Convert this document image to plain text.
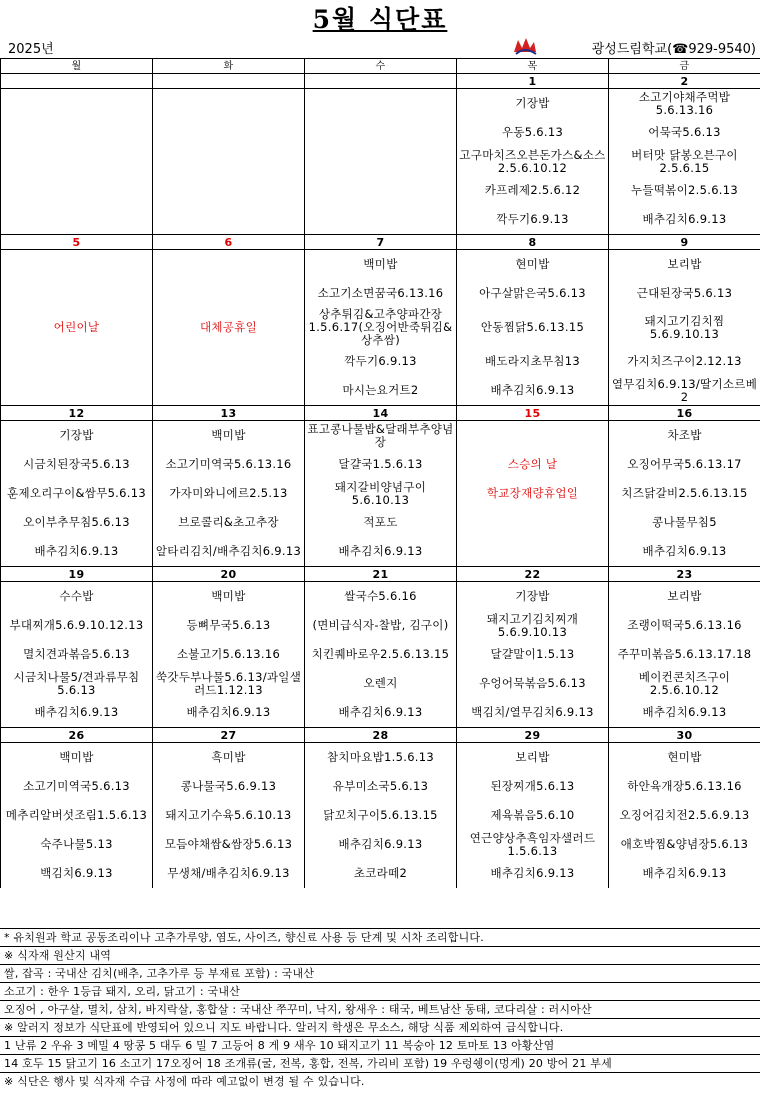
5월 식단표
2025년	광성드림학교(☎929-9540)
월	화	수	목	금
			1	2
			기장밥	소고기야채주먹밥5.6.13.16
			우동5.6.13	어묵국5.6.13
			고구마치즈오븐돈가스&소스2.5.6.10.12	버터맛 닭봉오븐구이2.5.6.15
			카프레제2.5.6.12	누들떡볶이2.5.6.13
			깍두기6.9.13	배추김치6.9.13
5	6	7	8	9
어린이날	대체공휴일	백미밥	현미밥	보리밥
		소고기소면꿈국6.13.16	아구살맑은국5.6.13	근대된장국5.6.13
		상추튀김&고추양파간장1.5.6.17(오징어반죽튀김&상추쌈)	안동찜닭5.6.13.15	돼지고기김치찜5.6.9.10.13
		깍두기6.9.13	배도라지초무침13	가지치즈구이2.12.13
		마시는요거트2	배추김치6.9.13	열무김치6.9.13/딸기소르베2
12	13	14	15	16
기장밥	백미밥	표고콩나물밥&달래부추양념장		차조밥
시금치된장국5.6.13	소고기미역국5.6.13.16	달걀국1.5.6.13	스승의 날	오징어무국5.6.13.17
훈제오리구이&쌈무5.6.13	가자미와니에르2.5.13	돼지갈비양념구이5.6.10.13	학교장재량휴업일	치즈닭갈비2.5.6.13.15
오이부추무침5.6.13	브로콜리&초고추장	적포도		콩나물무침5
배추김치6.9.13	알타리김치/배추김치6.9.13	배추김치6.9.13		배추김치6.9.13
19	20	21	22	23
수수밥	백미밥	쌀국수5.6.16	기장밥	보리밥
부대찌개5.6.9.10.12.13	등뼈무국5.6.13	(면비급식자-찰밥, 김구이)	돼지고기김치찌개5.6.9.10.13	조랭이떡국5.6.13.16
멸치견과볶음5.6.13	소불고기5.6.13.16	치킨퀘바로우2.5.6.13.15	달걀말이1.5.13	주꾸미볶음5.6.13.17.18
시금치나물5/견과류무침5.6.13	쑥갓두부나물5.6.13/과일샐러드1.12.13	오렌지	우엉어묵볶음5.6.13	베이컨콘치즈구이2.5.6.10.12
배추김치6.9.13	배추김치6.9.13	배추김치6.9.13	백김치/열무김치6.9.13	배추김치6.9.13
26	27	28	29	30
백미밥	흑미밥	참치마요밥1.5.6.13	보리밥	현미밥
소고기미역국5.6.13	콩나물국5.6.9.13	유부미소국5.6.13	된장찌개5.6.13	하안육개장5.6.13.16
메추리알버섯조림1.5.6.13	돼지고기수육5.6.10.13	닭꼬치구이5.6.13.15	제육볶음5.6.10	오징어김치전2.5.6.9.13
숙주나물5.13	모듬야채쌈&쌈장5.6.13	배추김치6.9.13	연근양상추흑임자샐러드1.5.6.13	애호박찜&양념장5.6.13
백김치6.9.13	무생채/배추김치6.9.13	초코라떼2	배추김치6.9.13	배추김치6.9.13
* 유치원과 학교 공동조리이나 고추가루양, 염도, 사이즈, 향신료 사용 등 단계 및 시차 조리합니다.
※ 식자재 원산지 내역
쌀, 잡곡 : 국내산 김치(배추, 고추가루 등 부재료 포함) : 국내산
소고기 : 한우 1등급 돼지, 오리, 닭고기 : 국내산
오징어 , 아구살, 멸치, 삼치, 바지락살, 홍합살 : 국내산 쭈꾸미, 낙지, 왕새우 : 태국, 베트남산 동태, 코다리살 : 러시아산
※ 알러지 정보가 식단표에 반영되어 있으니 지도 바랍니다. 알러지 학생은 무소스, 해당 식품 제외하여 급식합니다.
1 난류 2 우유 3 메밀 4 땅콩 5 대두 6 밀 7 고등어 8 게 9 새우 10 돼지고기 11 복숭아 12 토마토 13 아황산염
14 호두 15 닭고기 16 소고기 17오징어 18 조개류(굴, 전복, 홍합, 전복, 가리비 포함) 19 우렁쉥이(멍게) 20 방어 21 부세
※ 식단은 행사 및 식자재 수급 사정에 따라 예고없이 변경 될 수 있습니다.
